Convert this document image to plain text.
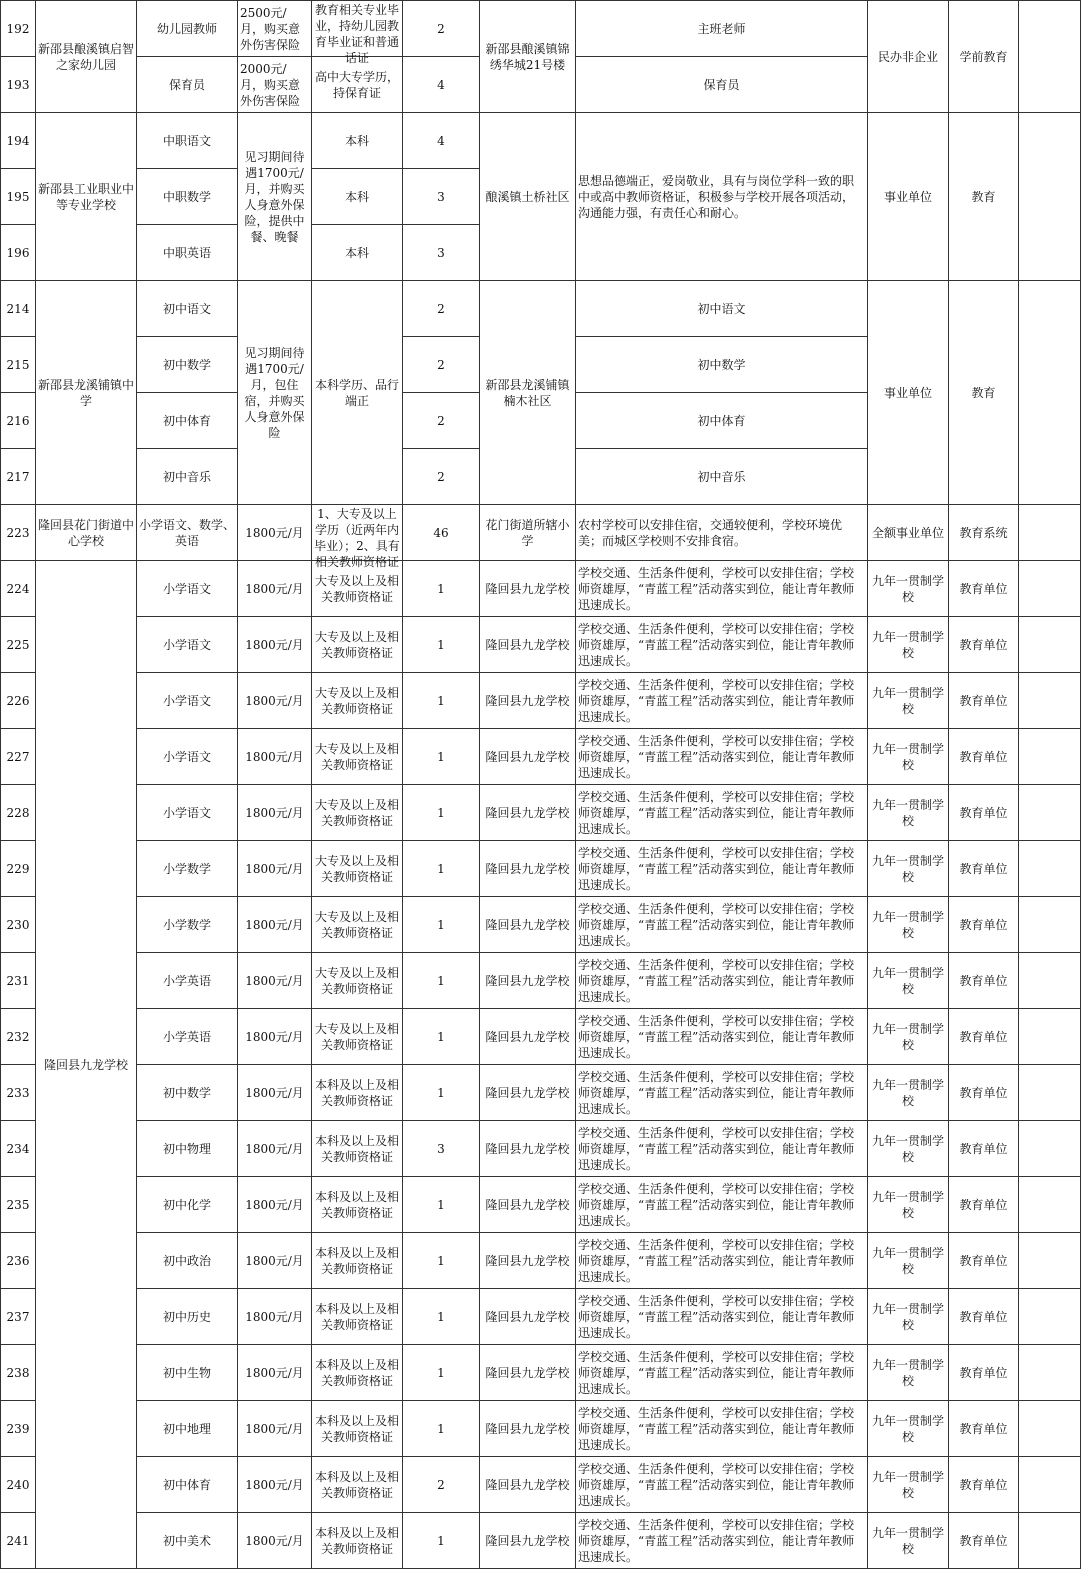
192	新邵县酿溪镇启智之家幼儿园	幼儿园教师	2500元/月，购买意外伤害保险	教育相关专业毕业，持幼儿园教育毕业证和普通话证	2	新邵县酿溪镇锦绣华城21号楼	主班老师	民办非企业	学前教育	
193		保育员	2000元/月，购买意外伤害保险	高中大专学历，持保育证	4		保育员			
194	新邵县工业职业中等专业学校	中职语文	见习期间待遇1700元/月，并购买人身意外保险，提供中餐、晚餐	本科	4	酿溪镇土桥社区	思想品德端正，爱岗敬业，具有与岗位学科一致的职中或高中教师资格证，积极参与学校开展各项活动，沟通能力强，有责任心和耐心。	事业单位	教育	
195		中职数学		本科	3					
196		中职英语		本科	3					
214	新邵县龙溪铺镇中学	初中语文	见习期间待遇1700元/月，包住宿，并购买人身意外保险	本科学历、品行端正	2	新邵县龙溪铺镇楠木社区	初中语文	事业单位	教育	
215		初中数学			2		初中数学			
216		初中体育			2		初中体育			
217		初中音乐			2		初中音乐			
223	隆回县花门街道中心学校	小学语文、数学、英语	1800元/月	1、大专及以上学历（近两年内毕业）；2、具有相关教师资格证	46	花门街道所辖小学	农村学校可以安排住宿，交通较便利，学校环境优美；而城区学校则不安排食宿。	全额事业单位	教育系统	
224	隆回县九龙学校	小学语文	1800元/月	大专及以上及相关教师资格证	1	隆回县九龙学校	学校交通、生活条件便利，学校可以安排住宿；学校师资雄厚，“青蓝工程”活动落实到位，能让青年教师迅速成长。	九年一贯制学校	教育单位	
225		小学语文	1800元/月	大专及以上及相关教师资格证	1	隆回县九龙学校	学校交通、生活条件便利，学校可以安排住宿；学校师资雄厚，“青蓝工程”活动落实到位，能让青年教师迅速成长。	九年一贯制学校	教育单位	
226		小学语文	1800元/月	大专及以上及相关教师资格证	1	隆回县九龙学校	学校交通、生活条件便利，学校可以安排住宿；学校师资雄厚，“青蓝工程”活动落实到位，能让青年教师迅速成长。	九年一贯制学校	教育单位	
227		小学语文	1800元/月	大专及以上及相关教师资格证	1	隆回县九龙学校	学校交通、生活条件便利，学校可以安排住宿；学校师资雄厚，“青蓝工程”活动落实到位，能让青年教师迅速成长。	九年一贯制学校	教育单位	
228		小学语文	1800元/月	大专及以上及相关教师资格证	1	隆回县九龙学校	学校交通、生活条件便利，学校可以安排住宿；学校师资雄厚，“青蓝工程”活动落实到位，能让青年教师迅速成长。	九年一贯制学校	教育单位	
229		小学数学	1800元/月	大专及以上及相关教师资格证	1	隆回县九龙学校	学校交通、生活条件便利，学校可以安排住宿；学校师资雄厚，“青蓝工程”活动落实到位，能让青年教师迅速成长。	九年一贯制学校	教育单位	
230		小学数学	1800元/月	大专及以上及相关教师资格证	1	隆回县九龙学校	学校交通、生活条件便利，学校可以安排住宿；学校师资雄厚，“青蓝工程”活动落实到位，能让青年教师迅速成长。	九年一贯制学校	教育单位	
231		小学英语	1800元/月	大专及以上及相关教师资格证	1	隆回县九龙学校	学校交通、生活条件便利，学校可以安排住宿；学校师资雄厚，“青蓝工程”活动落实到位，能让青年教师迅速成长。	九年一贯制学校	教育单位	
232		小学英语	1800元/月	大专及以上及相关教师资格证	1	隆回县九龙学校	学校交通、生活条件便利，学校可以安排住宿；学校师资雄厚，“青蓝工程”活动落实到位，能让青年教师迅速成长。	九年一贯制学校	教育单位	
233		初中数学	1800元/月	本科及以上及相关教师资格证	1	隆回县九龙学校	学校交通、生活条件便利，学校可以安排住宿；学校师资雄厚，“青蓝工程”活动落实到位，能让青年教师迅速成长。	九年一贯制学校	教育单位	
234		初中物理	1800元/月	本科及以上及相关教师资格证	3	隆回县九龙学校	学校交通、生活条件便利，学校可以安排住宿；学校师资雄厚，“青蓝工程”活动落实到位，能让青年教师迅速成长。	九年一贯制学校	教育单位	
235		初中化学	1800元/月	本科及以上及相关教师资格证	1	隆回县九龙学校	学校交通、生活条件便利，学校可以安排住宿；学校师资雄厚，“青蓝工程”活动落实到位，能让青年教师迅速成长。	九年一贯制学校	教育单位	
236		初中政治	1800元/月	本科及以上及相关教师资格证	1	隆回县九龙学校	学校交通、生活条件便利，学校可以安排住宿；学校师资雄厚，“青蓝工程”活动落实到位，能让青年教师迅速成长。	九年一贯制学校	教育单位	
237		初中历史	1800元/月	本科及以上及相关教师资格证	1	隆回县九龙学校	学校交通、生活条件便利，学校可以安排住宿；学校师资雄厚，“青蓝工程”活动落实到位，能让青年教师迅速成长。	九年一贯制学校	教育单位	
238		初中生物	1800元/月	本科及以上及相关教师资格证	1	隆回县九龙学校	学校交通、生活条件便利，学校可以安排住宿；学校师资雄厚，“青蓝工程”活动落实到位，能让青年教师迅速成长。	九年一贯制学校	教育单位	
239		初中地理	1800元/月	本科及以上及相关教师资格证	1	隆回县九龙学校	学校交通、生活条件便利，学校可以安排住宿；学校师资雄厚，“青蓝工程”活动落实到位，能让青年教师迅速成长。	九年一贯制学校	教育单位	
240		初中体育	1800元/月	本科及以上及相关教师资格证	2	隆回县九龙学校	学校交通、生活条件便利，学校可以安排住宿；学校师资雄厚，“青蓝工程”活动落实到位，能让青年教师迅速成长。	九年一贯制学校	教育单位	
241		初中美术	1800元/月	本科及以上及相关教师资格证	1	隆回县九龙学校	学校交通、生活条件便利，学校可以安排住宿；学校师资雄厚，“青蓝工程”活动落实到位，能让青年教师迅速成长。	九年一贯制学校	教育单位	
